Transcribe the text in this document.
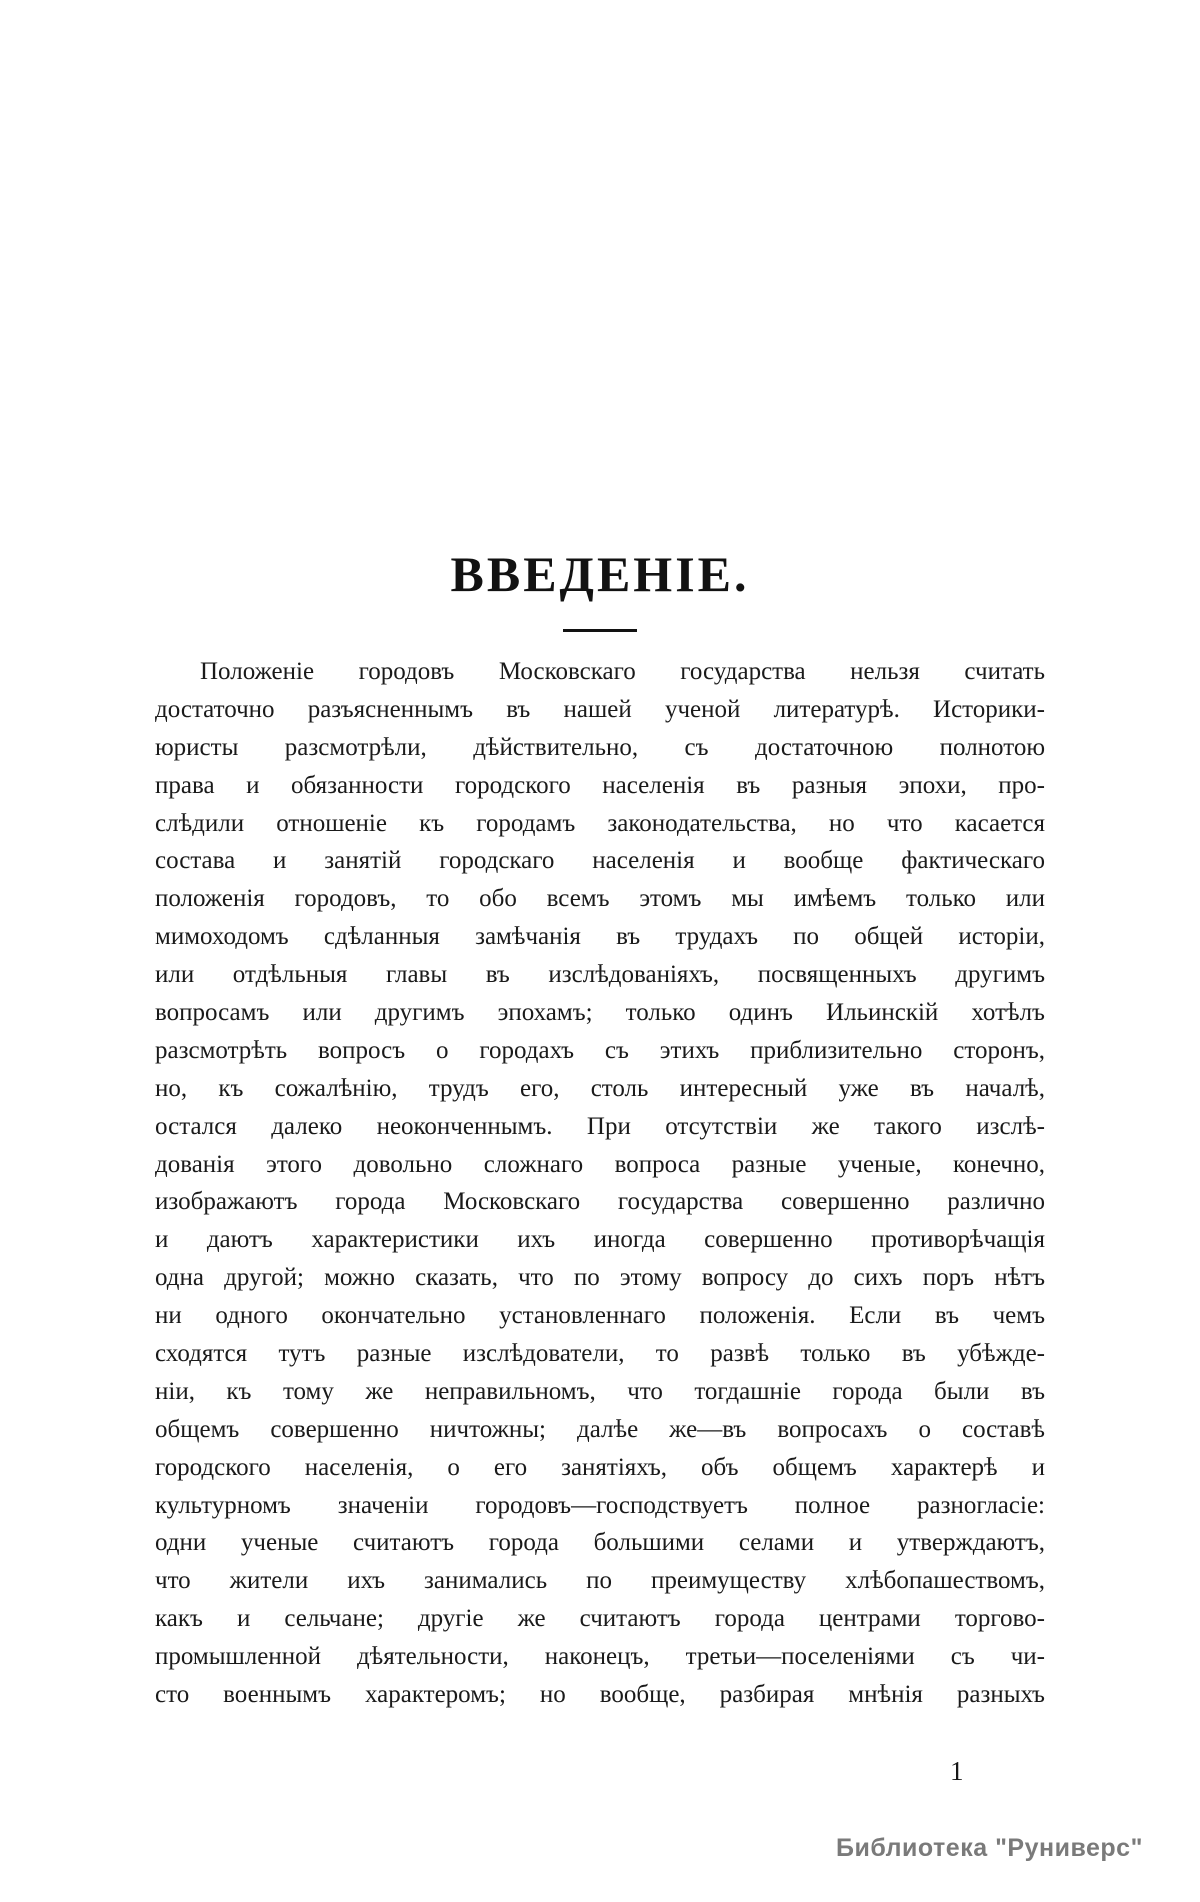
ВВЕДЕНІЕ.
Положеніе городовъ Московскаго государства нельзя считать
достаточно разъясненнымъ въ нашей ученой литературѣ. Историки-
юристы разсмотрѣли, дѣйствительно, съ достаточною полнотою
права и обязанности городского населенія въ разныя эпохи, про-
слѣдили отношеніе къ городамъ законодательства, но что касается
состава и занятій городскаго населенія и вообще фактическаго
положенія городовъ, то обо всемъ этомъ мы имѣемъ только или
мимоходомъ сдѣланныя замѣчанія въ трудахъ по общей исторіи,
или отдѣльныя главы въ изслѣдованіяхъ, посвященныхъ другимъ
вопросамъ или другимъ эпохамъ; только одинъ Ильинскій хотѣлъ
разсмотрѣть вопросъ о городахъ съ этихъ приблизительно сторонъ,
но, къ сожалѣнію, трудъ его, столь интересный уже въ началѣ,
остался далеко неоконченнымъ. При отсутствіи же такого изслѣ-
дованія этого довольно сложнаго вопроса разные ученые, конечно,
изображаютъ города Московскаго государства совершенно различно
и даютъ характеристики ихъ иногда совершенно противорѣчащія
одна другой; можно сказать, что по этому вопросу до сихъ поръ нѣтъ
ни одного окончательно установленнаго положенія. Если въ чемъ
сходятся тутъ разные изслѣдователи, то развѣ только въ убѣжде-
ніи, къ тому же неправильномъ, что тогдашніе города были въ
общемъ совершенно ничтожны; далѣе же—въ вопросахъ о составѣ
городского населенія, о его занятіяхъ, объ общемъ характерѣ и
культурномъ значеніи городовъ—господствуетъ полное разногласіе:
одни ученые считаютъ города большими селами и утверждаютъ,
что жители ихъ занимались по преимуществу хлѣбопашествомъ,
какъ и сельчане; другіе же считаютъ города центрами торгово-
промышленной дѣятельности, наконецъ, третьи—поселеніями съ чи-
сто военнымъ характеромъ; но вообще, разбирая мнѣнія разныхъ
1
Библиотека "Руниверс"
